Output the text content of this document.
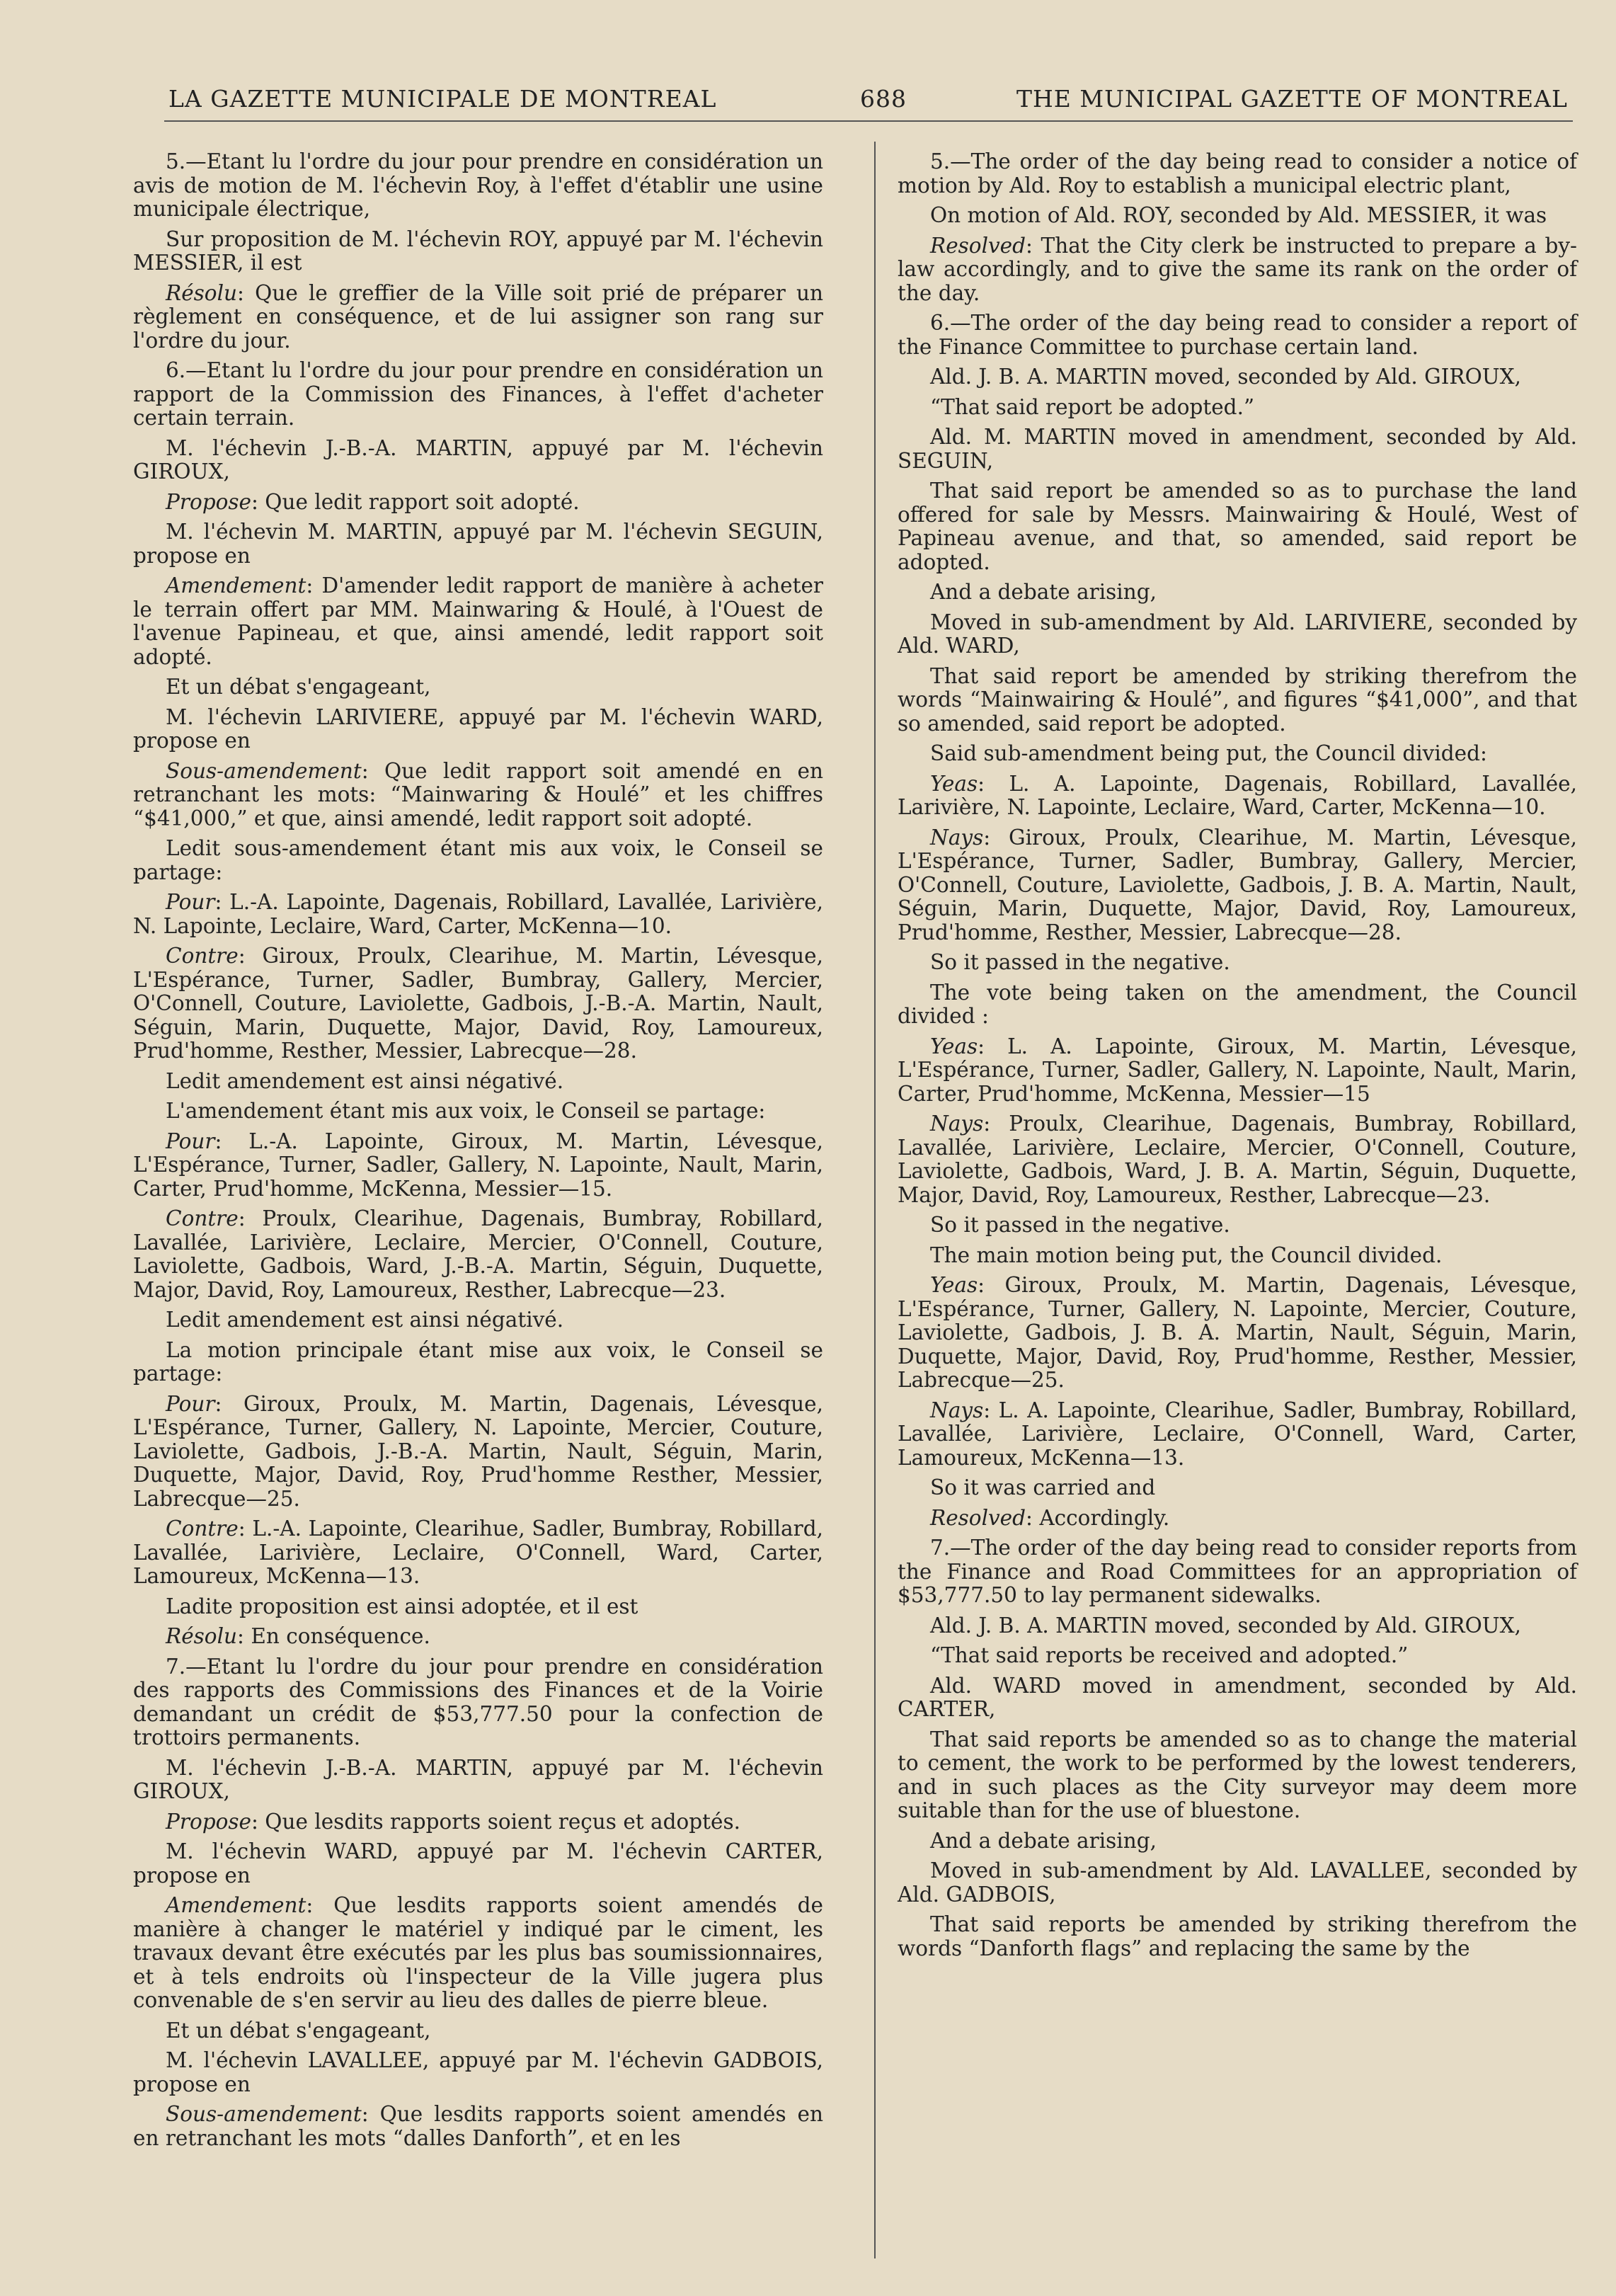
LA GAZETTE MUNICIPALE DE MONTREAL	688	THE MUNICIPAL GAZETTE OF MONTREAL

5.—Etant lu l'ordre du jour pour prendre en considération un avis de motion de M. l'échevin Roy, à l'effet d'établir une usine municipale électrique,

Sur proposition de M. l'échevin ROY, appuyé par M. l'échevin MESSIER, il est

Résolu: Que le greffier de la Ville soit prié de préparer un règlement en conséquence, et de lui assigner son rang sur l'ordre du jour.

6.—Etant lu l'ordre du jour pour prendre en considération un rapport de la Commission des Finances, à l'effet d'acheter certain terrain.

M. l'échevin J.-B.-A. MARTIN, appuyé par M. l'échevin GIROUX,

Propose: Que ledit rapport soit adopté.

M. l'échevin M. MARTIN, appuyé par M. l'échevin SEGUIN, propose en

Amendement: D'amender ledit rapport de manière à acheter le terrain offert par MM. Mainwaring & Houlé, à l'Ouest de l'avenue Papineau, et que, ainsi amendé, ledit rapport soit adopté.

Et un débat s'engageant,

M. l'échevin LARIVIERE, appuyé par M. l'échevin WARD, propose en

Sous-amendement: Que ledit rapport soit amendé en en retranchant les mots: “Mainwaring & Houlé” et les chiffres “$41,000,” et que, ainsi amendé, ledit rapport soit adopté.

Ledit sous-amendement étant mis aux voix, le Conseil se partage:

Pour: L.-A. Lapointe, Dagenais, Robillard, Lavallée, Larivière, N. Lapointe, Leclaire, Ward, Carter, McKenna—10.

Contre: Giroux, Proulx, Clearihue, M. Martin, Lévesque, L'Espérance, Turner, Sadler, Bumbray, Gallery, Mercier, O'Connell, Couture, Laviolette, Gadbois, J.-B.-A. Martin, Nault, Séguin, Marin, Duquette, Major, David, Roy, Lamoureux, Prud'homme, Resther, Messier, Labrecque—28.

Ledit amendement est ainsi négativé.

L'amendement étant mis aux voix, le Conseil se partage:

Pour: L.-A. Lapointe, Giroux, M. Martin, Lévesque, L'Espérance, Turner, Sadler, Gallery, N. Lapointe, Nault, Marin, Carter, Prud'homme, McKenna, Messier—15.

Contre: Proulx, Clearihue, Dagenais, Bumbray, Robillard, Lavallée, Larivière, Leclaire, Mercier, O'Connell, Couture, Laviolette, Gadbois, Ward, J.-B.-A. Martin, Séguin, Duquette, Major, David, Roy, Lamoureux, Resther, Labrecque—23.

Ledit amendement est ainsi négativé.

La motion principale étant mise aux voix, le Conseil se partage:

Pour: Giroux, Proulx, M. Martin, Dagenais, Lévesque, L'Espérance, Turner, Gallery, N. Lapointe, Mercier, Couture, Laviolette, Gadbois, J.-B.-A. Martin, Nault, Séguin, Marin, Duquette, Major, David, Roy, Prud'homme Resther, Messier, Labrecque—25.

Contre: L.-A. Lapointe, Clearihue, Sadler, Bumbray, Robillard, Lavallée, Larivière, Leclaire, O'Connell, Ward, Carter, Lamoureux, McKenna—13.

Ladite proposition est ainsi adoptée, et il est

Résolu: En conséquence.

7.—Etant lu l'ordre du jour pour prendre en considération des rapports des Commissions des Finances et de la Voirie demandant un crédit de $53,777.50 pour la confection de trottoirs permanents.

M. l'échevin J.-B.-A. MARTIN, appuyé par M. l'échevin GIROUX,

Propose: Que lesdits rapports soient reçus et adoptés.

M. l'échevin WARD, appuyé par M. l'échevin CARTER, propose en

Amendement: Que lesdits rapports soient amendés de manière à changer le matériel y indiqué par le ciment, les travaux devant être exécutés par les plus bas soumissionnaires, et à tels endroits où l'inspecteur de la Ville jugera plus convenable de s'en servir au lieu des dalles de pierre bleue.

Et un débat s'engageant,

M. l'échevin LAVALLEE, appuyé par M. l'échevin GADBOIS, propose en

Sous-amendement: Que lesdits rapports soient amendés en en retranchant les mots “dalles Danforth”, et en les

5.—The order of the day being read to consider a notice of motion by Ald. Roy to establish a municipal electric plant,

On motion of Ald. ROY, seconded by Ald. MESSIER, it was

Resolved: That the City clerk be instructed to prepare a by-law accordingly, and to give the same its rank on the order of the day.

6.—The order of the day being read to consider a report of the Finance Committee to purchase certain land.

Ald. J. B. A. MARTIN moved, seconded by Ald. GIROUX,

“That said report be adopted.”

Ald. M. MARTIN moved in amendment, seconded by Ald. SEGUIN,

That said report be amended so as to purchase the land offered for sale by Messrs. Mainwairing & Houlé, West of Papineau avenue, and that, so amended, said report be adopted.

And a debate arising,

Moved in sub-amendment by Ald. LARIVIERE, seconded by Ald. WARD,

That said report be amended by striking therefrom the words “Mainwairing & Houlé”, and figures “$41,000”, and that so amended, said report be adopted.

Said sub-amendment being put, the Council divided:

Yeas: L. A. Lapointe, Dagenais, Robillard, Lavallée, Larivière, N. Lapointe, Leclaire, Ward, Carter, McKenna—10.

Nays: Giroux, Proulx, Clearihue, M. Martin, Lévesque, L'Espérance, Turner, Sadler, Bumbray, Gallery, Mercier, O'Connell, Couture, Laviolette, Gadbois, J. B. A. Martin, Nault, Séguin, Marin, Duquette, Major, David, Roy, Lamoureux, Prud'homme, Resther, Messier, Labrecque—28.

So it passed in the negative.

The vote being taken on the amendment, the Council divided :

Yeas: L. A. Lapointe, Giroux, M. Martin, Lévesque, L'Espérance, Turner, Sadler, Gallery, N. Lapointe, Nault, Marin, Carter, Prud'homme, McKenna, Messier—15

Nays: Proulx, Clearihue, Dagenais, Bumbray, Robillard, Lavallée, Larivière, Leclaire, Mercier, O'Connell, Couture, Laviolette, Gadbois, Ward, J. B. A. Martin, Séguin, Duquette, Major, David, Roy, Lamoureux, Resther, Labrecque—23.

So it passed in the negative.

The main motion being put, the Council divided.

Yeas: Giroux, Proulx, M. Martin, Dagenais, Lévesque, L'Espérance, Turner, Gallery, N. Lapointe, Mercier, Couture, Laviolette, Gadbois, J. B. A. Martin, Nault, Séguin, Marin, Duquette, Major, David, Roy, Prud'homme, Resther, Messier, Labrecque—25.

Nays: L. A. Lapointe, Clearihue, Sadler, Bumbray, Robillard, Lavallée, Larivière, Leclaire, O'Connell, Ward, Carter, Lamoureux, McKenna—13.

So it was carried and

Resolved: Accordingly.

7.—The order of the day being read to consider reports from the Finance and Road Committees for an appropriation of $53,777.50 to lay permanent sidewalks.

Ald. J. B. A. MARTIN moved, seconded by Ald. GIROUX,

“That said reports be received and adopted.”

Ald. WARD moved in amendment, seconded by Ald. CARTER,

That said reports be amended so as to change the material to cement, the work to be performed by the lowest tenderers, and in such places as the City surveyor may deem more suitable than for the use of bluestone.

And a debate arising,

Moved in sub-amendment by Ald. LAVALLEE, seconded by Ald. GADBOIS,

That said reports be amended by striking therefrom the words “Danforth flags” and replacing the same by the
